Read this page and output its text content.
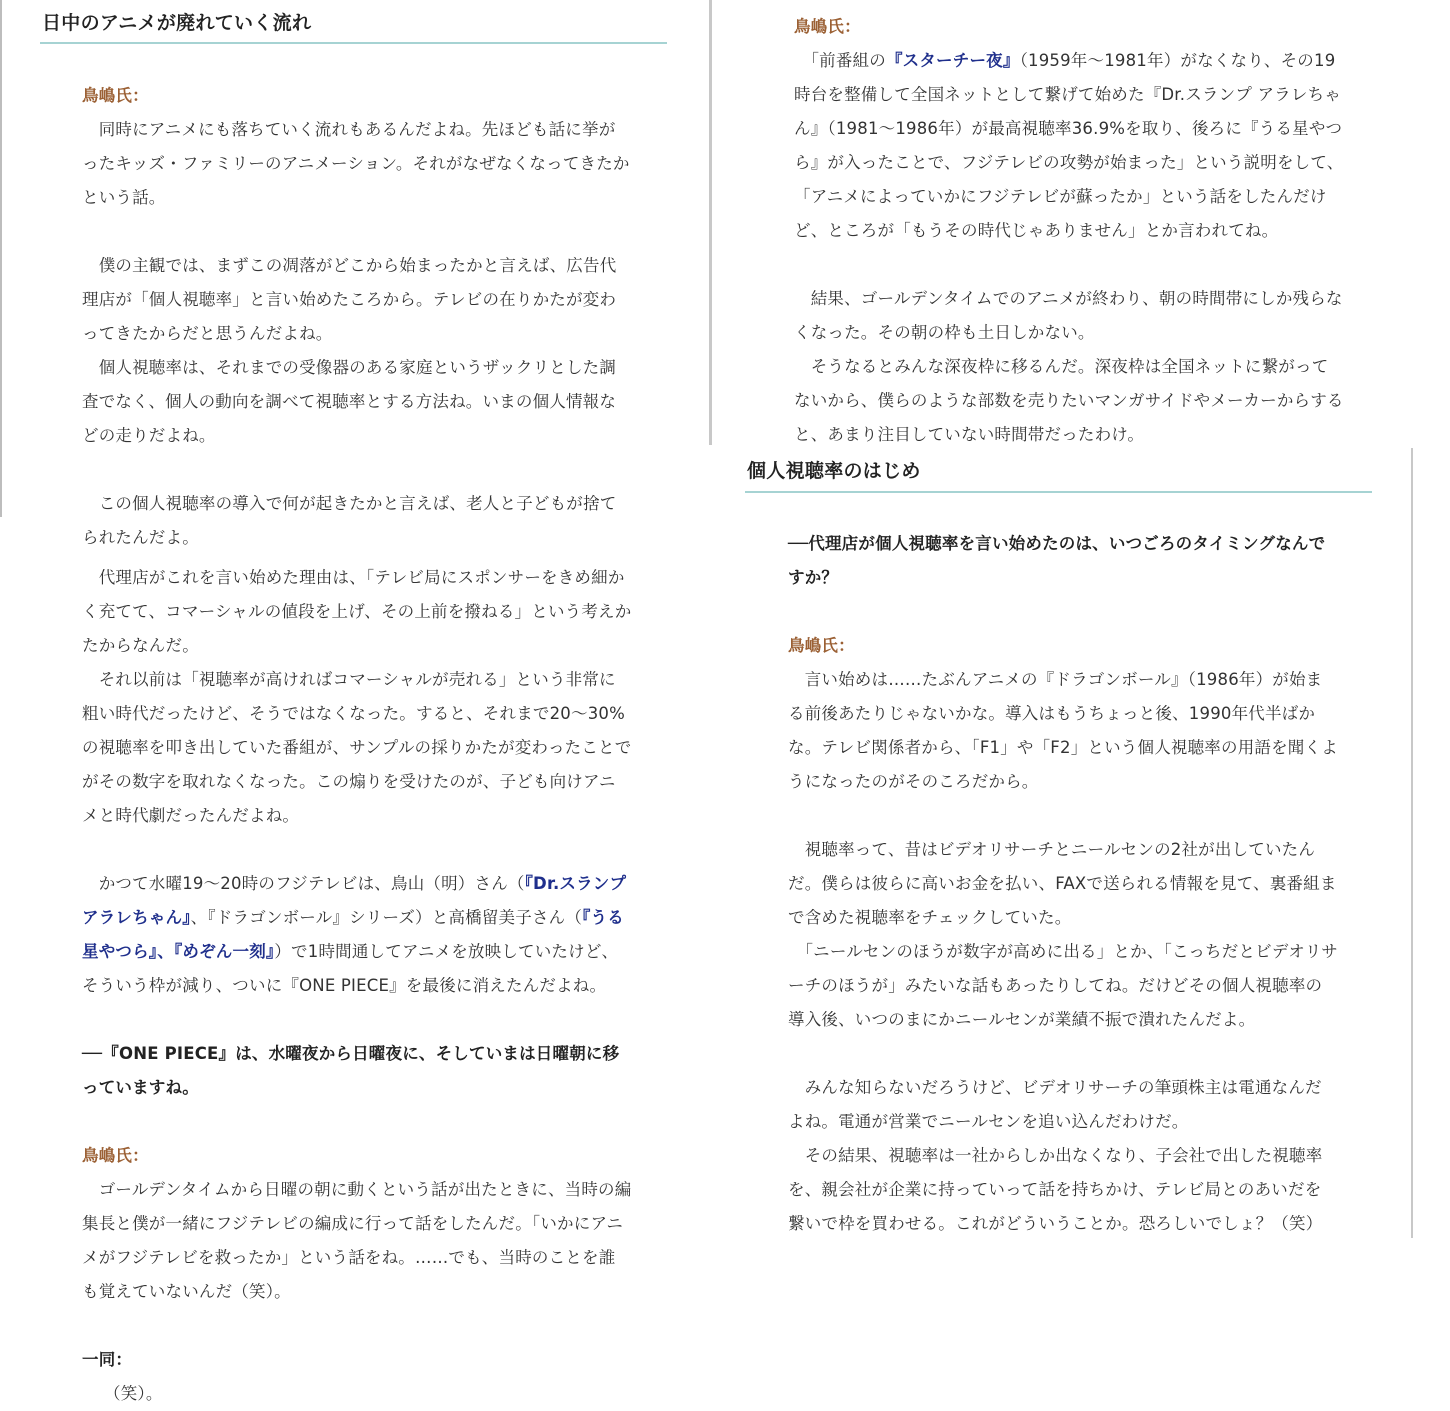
日中のアニメが廃れていく流れ

鳥嶋氏：

　同時にアニメにも落ちていく流れもあるんだよね。先ほども話に挙がったキッズ・ファミリーのアニメーション。それがなぜなくなってきたかという話。

　僕の主観では、まずこの凋落がどこから始まったかと言えば、広告代理店が「個人視聴率」と言い始めたころから。テレビの在りかたが変わってきたからだと思うんだよね。

　個人視聴率は、それまでの受像器のある家庭というザックリとした調査でなく、個人の動向を調べて視聴率とする方法ね。いまの個人情報などの走りだよね。

　この個人視聴率の導入で何が起きたかと言えば、老人と子どもが捨てられたんだよ。

　代理店がこれを言い始めた理由は、「テレビ局にスポンサーをきめ細かく充てて、コマーシャルの値段を上げ、その上前を撥ねる」という考えかたからなんだ。

　それ以前は「視聴率が高ければコマーシャルが売れる」という非常に粗い時代だったけど、そうではなくなった。すると、それまで20〜30%の視聴率を叩き出していた番組が、サンプルの採りかたが変わったことでがその数字を取れなくなった。この煽りを受けたのが、子ども向けアニメと時代劇だったんだよね。

　かつて水曜19〜20時のフジテレビは、鳥山（明）さん（『Dr.スランプ アラレちゃん』、『ドラゴンボール』シリーズ）と高橋留美子さん（『うる星やつら』、『めぞん一刻』）で1時間通してアニメを放映していたけど、そういう枠が減り、ついに『ONE PIECE』を最後に消えたんだよね。

──『ONE PIECE』は、水曜夜から日曜夜に、そしていまは日曜朝に移っていますね。

鳥嶋氏：

　ゴールデンタイムから日曜の朝に動くという話が出たときに、当時の編集長と僕が一緒にフジテレビの編成に行って話をしたんだ。「いかにアニメがフジテレビを救ったか」という話をね。……でも、当時のことを誰も覚えていないんだ（笑）。

一同：

（笑）。

鳥嶋氏：

　「前番組の『スターチー夜』（1959年〜1981年）がなくなり、その19時台を整備して全国ネットとして繋げて始めた『Dr.スランプ アラレちゃん』（1981〜1986年）が最高視聴率36.9%を取り、後ろに『うる星やつら』が入ったことで、フジテレビの攻勢が始まった」という説明をして、「アニメによっていかにフジテレビが蘇ったか」という話をしたんだけど、ところが「もうその時代じゃありません」とか言われてね。

　結果、ゴールデンタイムでのアニメが終わり、朝の時間帯にしか残らなくなった。その朝の枠も土日しかない。

　そうなるとみんな深夜枠に移るんだ。深夜枠は全国ネットに繋がってないから、僕らのような部数を売りたいマンガサイドやメーカーからすると、あまり注目していない時間帯だったわけ。

個人視聴率のはじめ

──代理店が個人視聴率を言い始めたのは、いつごろのタイミングなんですか？

鳥嶋氏：

　言い始めは……たぶんアニメの『ドラゴンボール』（1986年）が始まる前後あたりじゃないかな。導入はもうちょっと後、1990年代半ばかな。テレビ関係者から、「F1」や「F2」という個人視聴率の用語を聞くようになったのがそのころだから。

　視聴率って、昔はビデオリサーチとニールセンの2社が出していたんだ。僕らは彼らに高いお金を払い、FAXで送られる情報を見て、裏番組まで含めた視聴率をチェックしていた。

　「ニールセンのほうが数字が高めに出る」とか、「こっちだとビデオリサーチのほうが」みたいな話もあったりしてね。だけどその個人視聴率の導入後、いつのまにかニールセンが業績不振で潰れたんだよ。

　みんな知らないだろうけど、ビデオリサーチの筆頭株主は電通なんだよね。電通が営業でニールセンを追い込んだわけだ。

　その結果、視聴率は一社からしか出なくなり、子会社で出した視聴率を、親会社が企業に持っていって話を持ちかけ、テレビ局とのあいだを繋いで枠を買わせる。これがどういうことか。恐ろしいでしょ？（笑）
